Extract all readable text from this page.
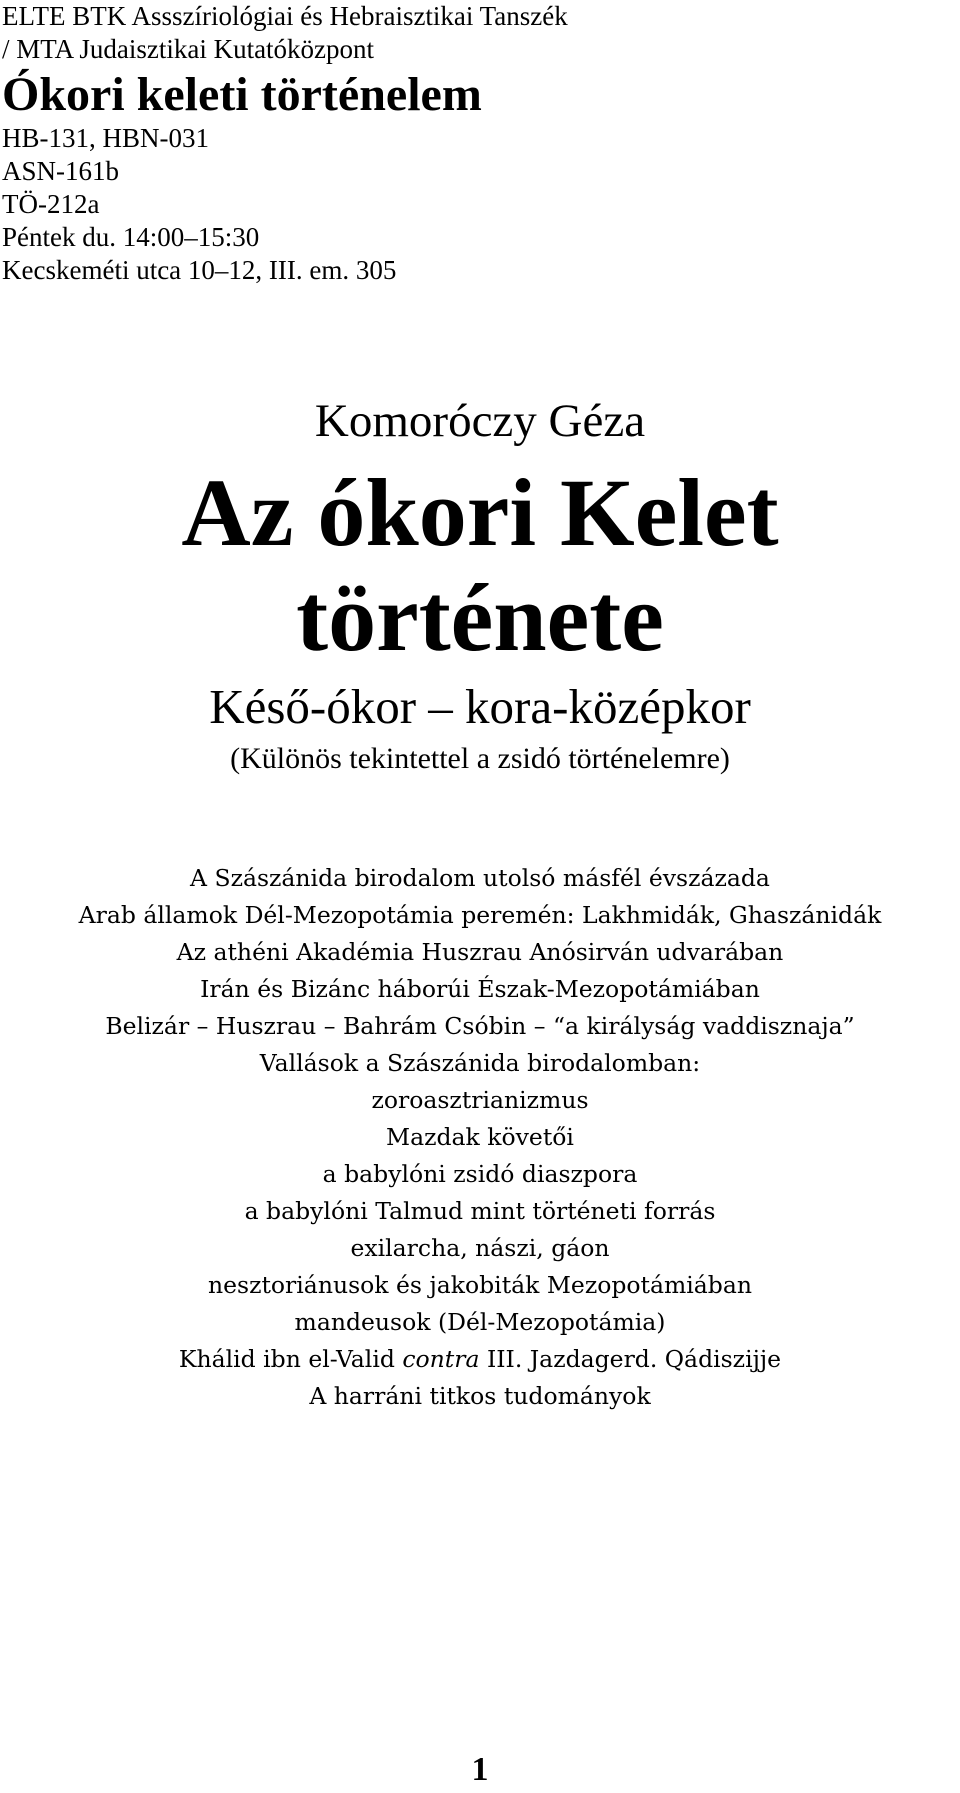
ELTE BTK Assszíriológiai és Hebraisztikai Tanszék
/ MTA Judaisztikai Kutatóközpont
Ókori keleti történelem
HB-131, HBN-031
ASN-161b
TÖ-212a
Péntek du. 14:00–15:30
Kecskeméti utca 10–12, III. em. 305
Komoróczy Géza
Az ókori Kelet
története
Késő-ókor – kora-középkor
(Különös tekintettel a zsidó történelemre)
A Szászánida birodalom utolsó másfél évszázada
Arab államok Dél-Mezopotámia peremén: Lakhmidák, Ghaszánidák
Az athéni Akadémia Huszrau Anósirván udvarában
Irán és Bizánc háborúi Észak-Mezopotámiában
Belizár – Huszrau – Bahrám Csóbin – “a királyság vaddisznaja”
Vallások a Szászánida birodalomban:
zoroasztrianizmus
Mazdak követői
a babylóni zsidó diaszpora
a babylóni Talmud mint történeti forrás
exilarcha, nászi, gáon
nesztoriánusok és jakobiták Mezopotámiában
mandeusok (Dél-Mezopotámia)
Khálid ibn el-Valid contra III. Jazdagerd. Qádiszijje
A harráni titkos tudományok
1
